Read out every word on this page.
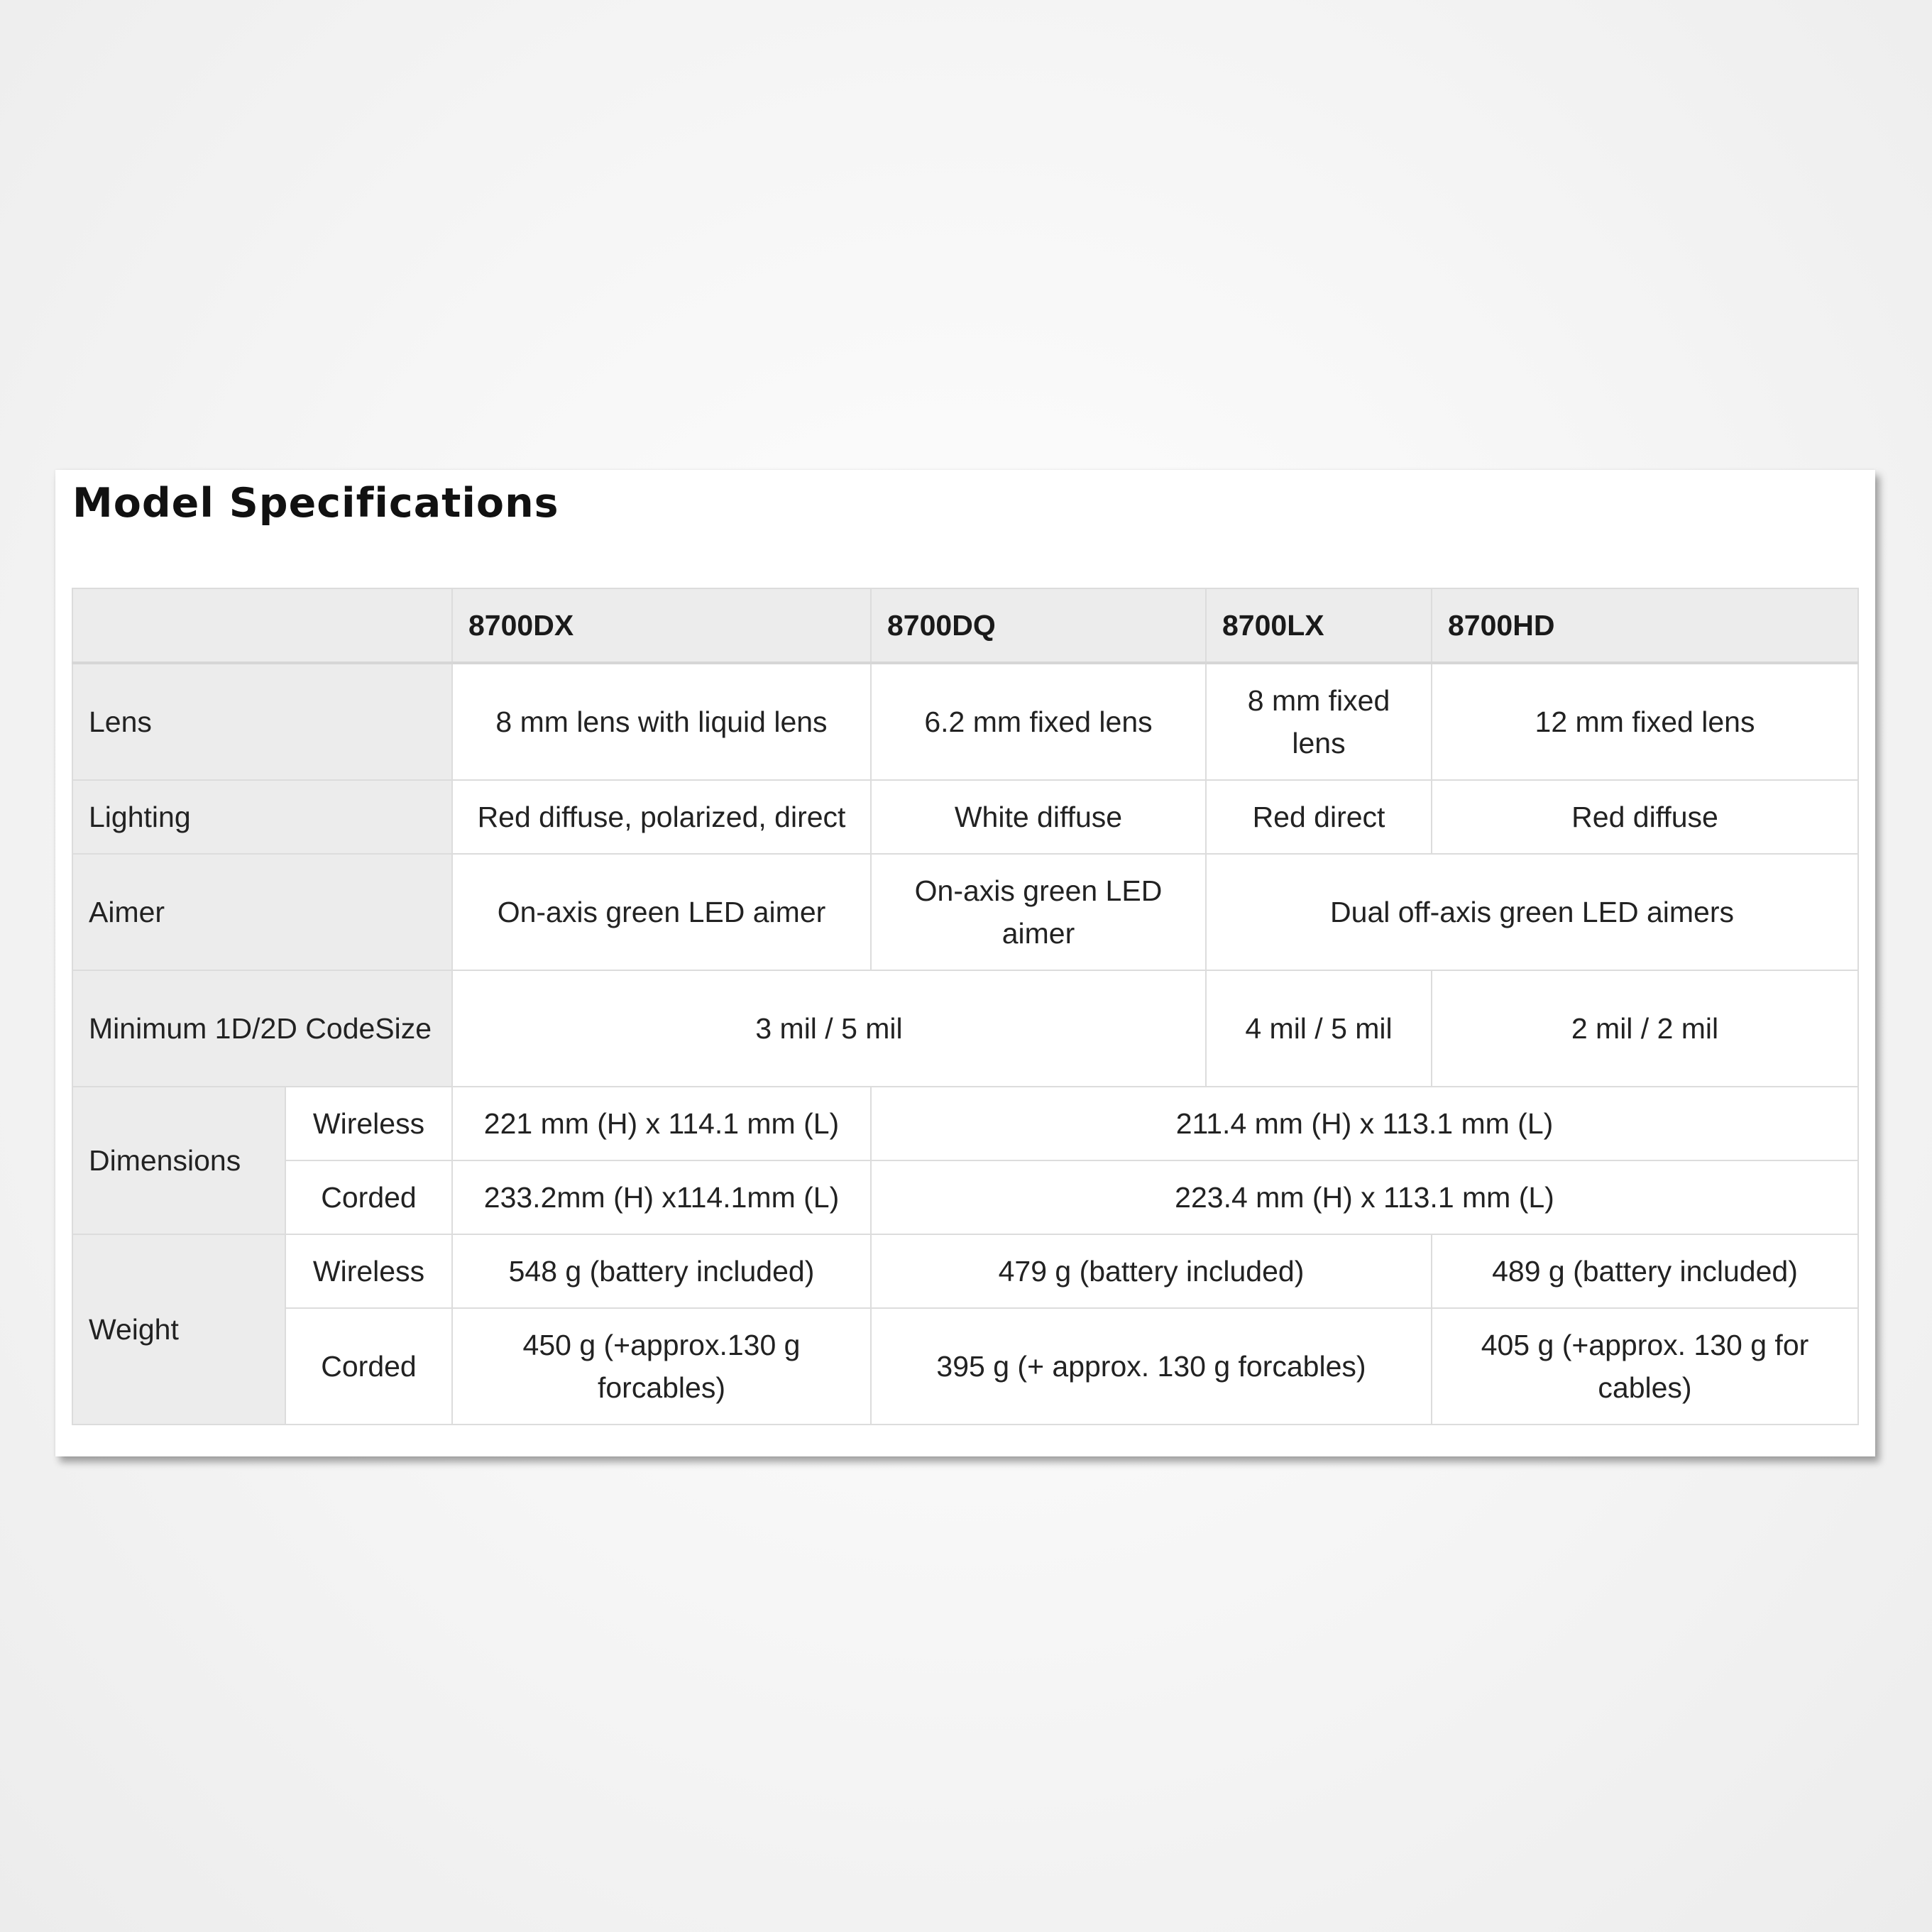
Model Specifications
		8700DX	8700DQ	8700LX	8700HD
Lens		8 mm lens with liquid lens	6.2 mm fixed lens	8 mm fixed lens	12 mm fixed lens
Lighting		Red diffuse, polarized, direct	White diffuse	Red direct	Red diffuse
Aimer		On-axis green LED aimer	On-axis green LED aimer	Dual off-axis green LED aimers	
Minimum 1D/2D CodeSize		3 mil / 5 mil		4 mil / 5 mil	2 mil / 2 mil
Dimensions	Wireless	221 mm (H) x 114.1 mm (L)	211.4 mm (H) x 113.1 mm (L)		
	Corded	233.2mm (H) x114.1mm (L)	223.4 mm (H) x 113.1 mm (L)		
Weight	Wireless	548 g (battery included)	479 g (battery included)		489 g (battery included)
	Corded	450 g (+approx.130 g forcables)	395 g (+ approx. 130 g forcables)		405 g (+approx. 130 g for cables)
